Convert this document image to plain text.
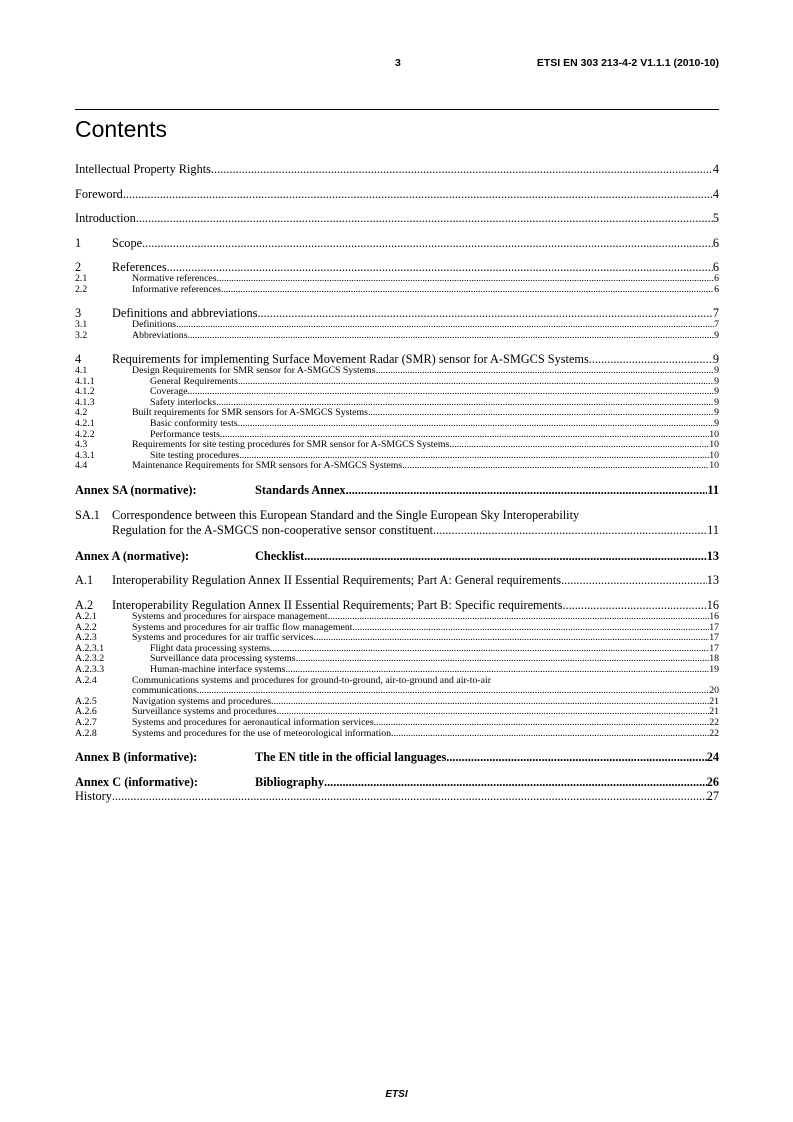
3	ETSI EN 303 213-4-2 V1.1.1 (2010-10)
Contents
Intellectual Property Rights .....	4
Foreword .....	4
Introduction .....	5
1	Scope .....	6
2	References .....	6
2.1	Normative references .....	6
2.2	Informative references .....	6
3	Definitions and abbreviations .....	7
3.1	Definitions .....	7
3.2	Abbreviations .....	9
4	Requirements for implementing Surface Movement Radar (SMR) sensor for A-SMGCS Systems .....	9
4.1	Design Requirements for SMR sensor for A-SMGCS Systems .....	9
4.1.1	General Requirements .....	9
4.1.2	Coverage .....	9
4.1.3	Safety interlocks .....	9
4.2	Built requirements for SMR sensors for A-SMGCS Systems .....	9
4.2.1	Basic conformity tests .....	9
4.2.2	Performance tests .....	10
4.3	Requirements for site testing procedures for SMR sensor for A-SMGCS Systems .....	10
4.3.1	Site testing procedures .....	10
4.4	Maintenance Requirements for SMR sensors for A-SMGCS Systems .....	10
Annex SA (normative):	Standards Annex .....	11
SA.1 Correspondence between this European Standard and the Single European Sky Interoperability
Regulation for the A-SMGCS non-cooperative sensor constituent .....	11
Annex A (normative):	Checklist .....	13
A.1	Interoperability Regulation Annex II Essential Requirements; Part A: General requirements .....	13
A.2	Interoperability Regulation Annex II Essential Requirements; Part B: Specific requirements .....	16
A.2.1	Systems and procedures for airspace management .....	16
A.2.2	Systems and procedures for air traffic flow management .....	17
A.2.3	Systems and procedures for air traffic services .....	17
A.2.3.1	Flight data processing systems .....	17
A.2.3.2	Surveillance data processing systems .....	18
A.2.3.3	Human-machine interface systems .....	19
A.2.4	Communications systems and procedures for ground-to-ground, air-to-ground and air-to-air
communications .....	20
A.2.5	Navigation systems and procedures .....	21
A.2.6	Surveillance systems and procedures .....	21
A.2.7	Systems and procedures for aeronautical information services .....	22
A.2.8	Systems and procedures for the use of meteorological information .....	22
Annex B (informative):	The EN title in the official languages .....	24
Annex C (informative):	Bibliography .....	26
History .....	27
ETSI
